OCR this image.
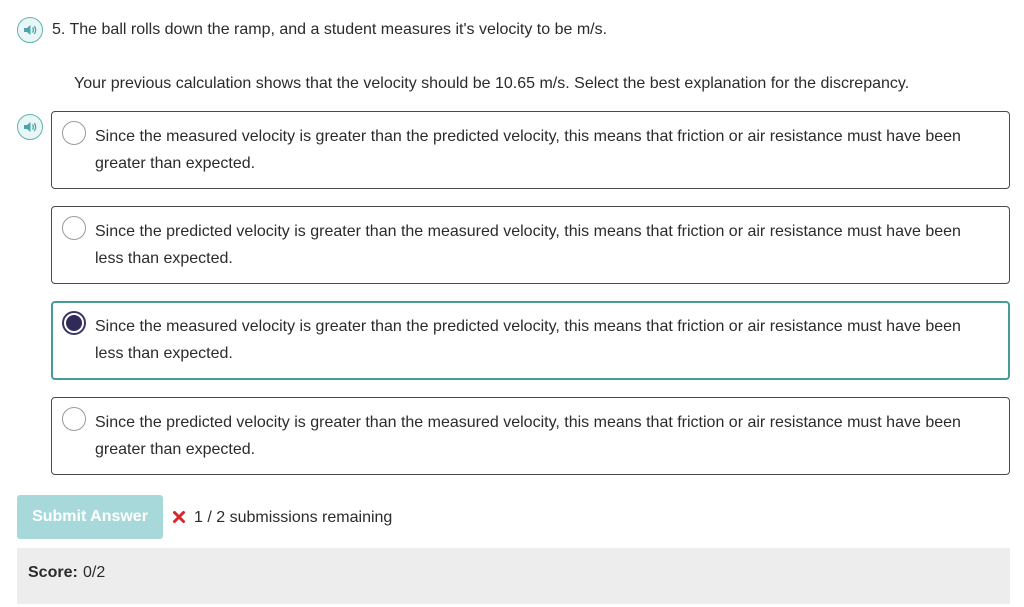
5. The ball rolls down the ramp, and a student measures it's velocity to be m/s.
Your previous calculation shows that the velocity should be 10.65 m/s. Select the best explanation for the discrepancy.
Since the measured velocity is greater than the predicted velocity, this means that friction or air resistance must have been greater than expected.
Since the predicted velocity is greater than the measured velocity, this means that friction or air resistance must have been less than expected.
Since the measured velocity is greater than the predicted velocity, this means that friction or air resistance must have been less than expected.
Since the predicted velocity is greater than the measured velocity, this means that friction or air resistance must have been greater than expected.
Submit Answer	1 / 2 submissions remaining
Score: 0/2
